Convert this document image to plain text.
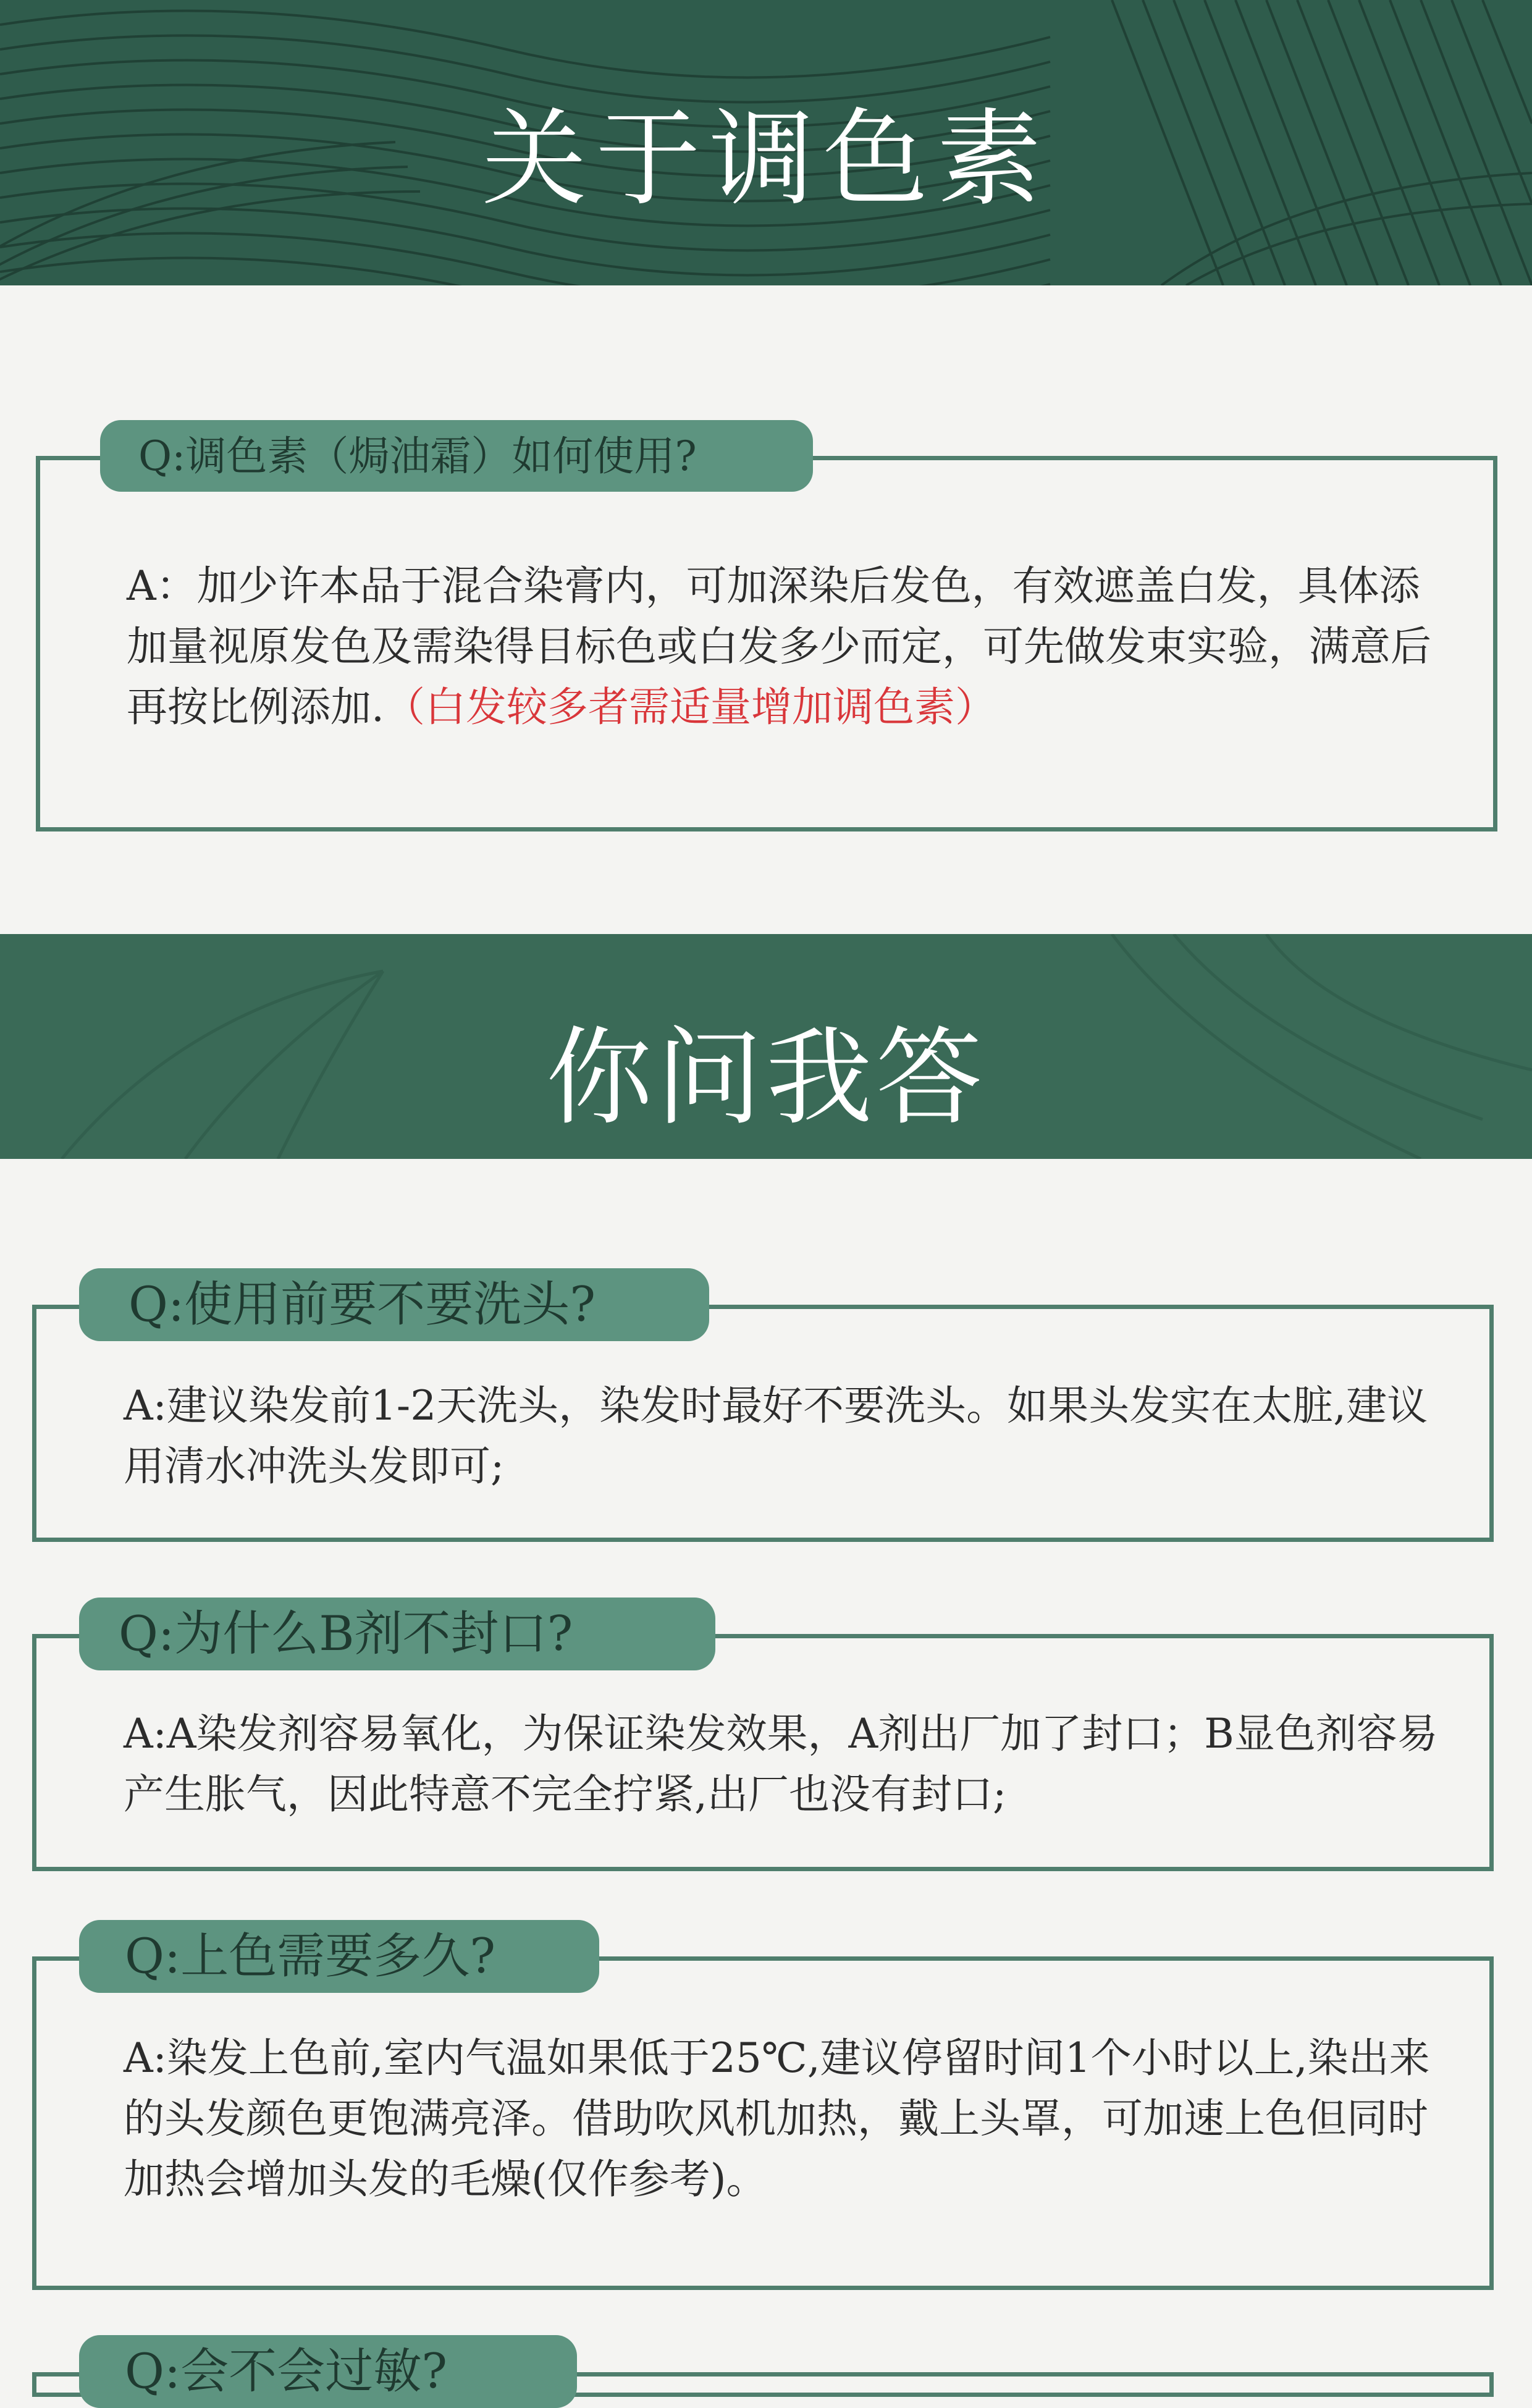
关于调色素
Q:调色素（焗油霜）如何使用?

A：加少许本品于混合染膏内，可加深染后发色，有效遮盖白发，具体添加量视原发色及需染得目标色或白发多少而定，可先做发束实验，满意后再按比例添加.（白发较多者需适量增加调色素）

你问我答
Q:使用前要不要洗头?

A:建议染发前1-2天洗头，染发时最好不要洗头。如果头发实在太脏,建议用清水冲洗头发即可;

Q:为什么B剂不封口?

A:A染发剂容易氧化，为保证染发效果，A剂出厂加了封口；B显色剂容易产生胀气，因此特意不完全拧紧,出厂也没有封口;

Q:上色需要多久?

A:染发上色前,室内气温如果低于25℃,建议停留时间1个小时以上,染出来的头发颜色更饱满亮泽。借助吹风机加热，戴上头罩，可加速上色但同时加热会增加头发的毛燥(仅作参考)。

Q:会不会过敏?
